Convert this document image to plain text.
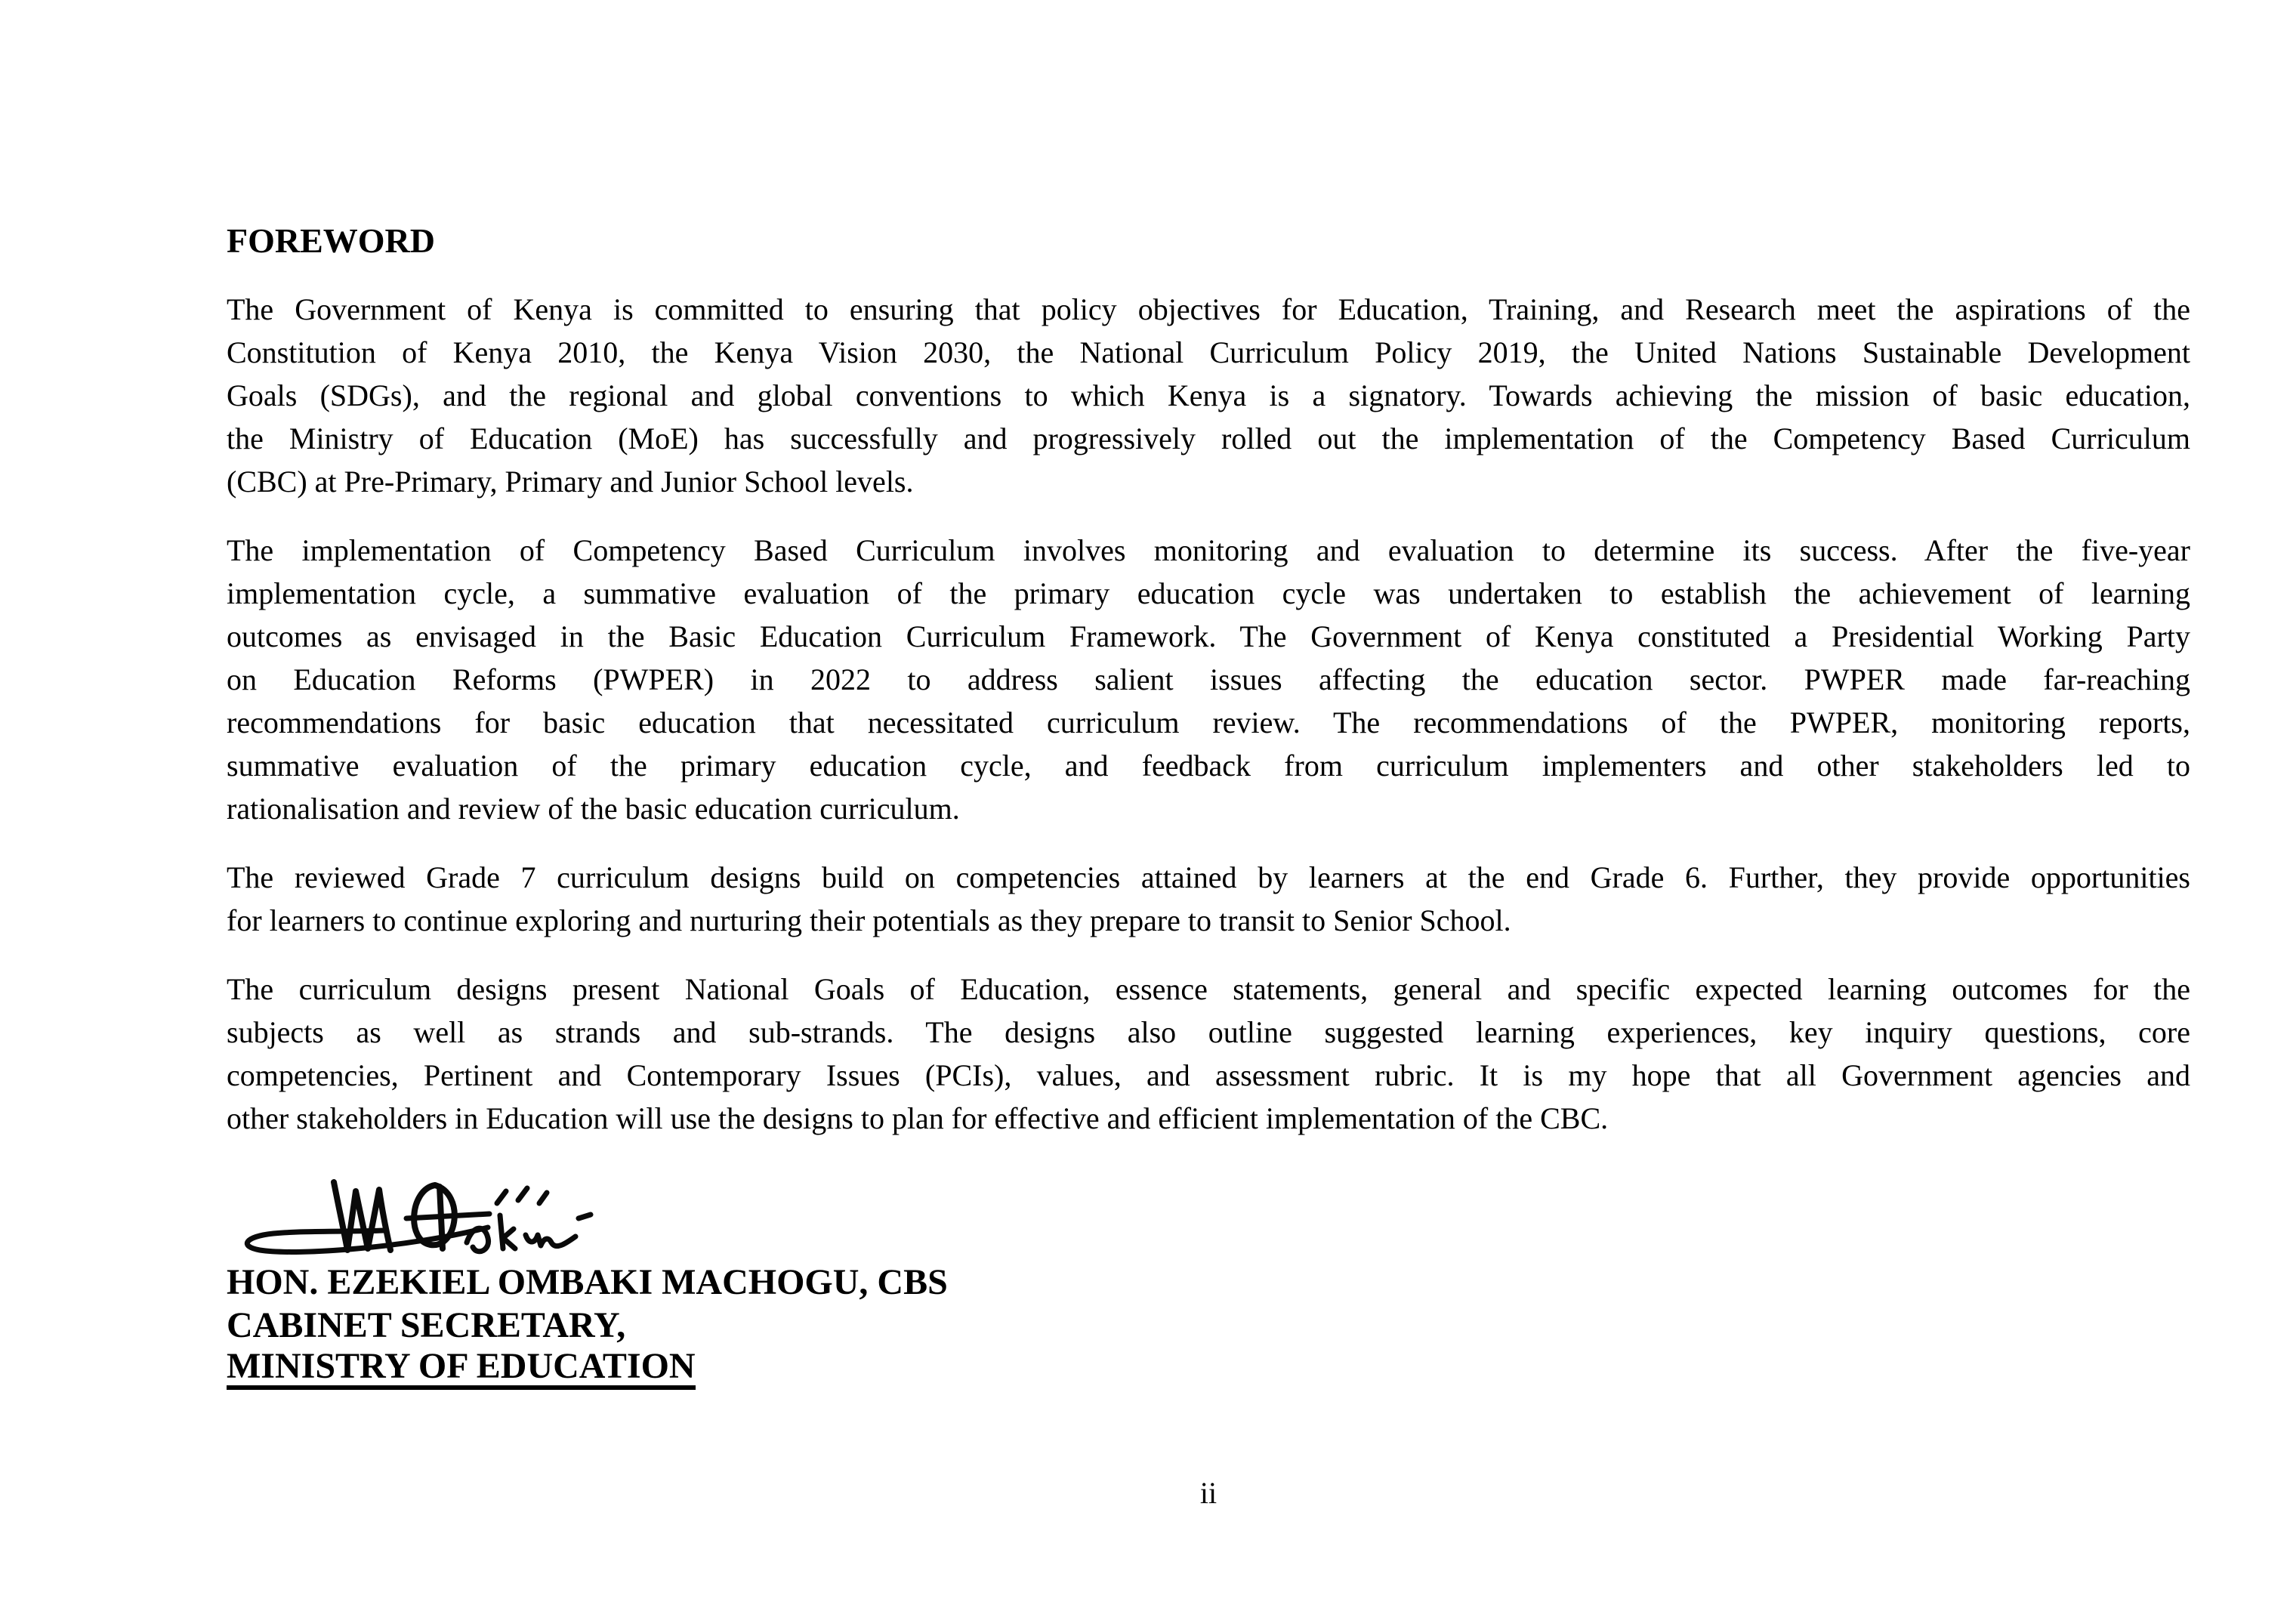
FOREWORD
The Government of Kenya is committed to ensuring that policy objectives for Education, Training, and Research meet the aspirations of the
Constitution of Kenya 2010, the Kenya Vision 2030, the National Curriculum Policy 2019, the United Nations Sustainable Development
Goals (SDGs), and the regional and global conventions to which Kenya is a signatory. Towards achieving the mission of basic education,
the Ministry of Education (MoE) has successfully and progressively rolled out the implementation of the Competency Based Curriculum
(CBC) at Pre-Primary, Primary and Junior School levels.
The implementation of Competency Based Curriculum involves monitoring and evaluation to determine its success. After the five-year
implementation cycle, a summative evaluation of the primary education cycle was undertaken to establish the achievement of learning
outcomes as envisaged in the Basic Education Curriculum Framework. The Government of Kenya constituted a Presidential Working Party
on Education Reforms (PWPER) in 2022 to address salient issues affecting the education sector. PWPER made far-reaching
recommendations for basic education that necessitated curriculum review. The recommendations of the PWPER, monitoring reports,
summative evaluation of the primary education cycle, and feedback from curriculum implementers and other stakeholders led to
rationalisation and review of the basic education curriculum.
The reviewed Grade 7 curriculum designs build on competencies attained by learners at the end Grade 6. Further, they provide opportunities
for learners to continue exploring and nurturing their potentials as they prepare to transit to Senior School.
The curriculum designs present National Goals of Education, essence statements, general and specific expected learning outcomes for the
subjects as well as strands and sub-strands. The designs also outline suggested learning experiences, key inquiry questions, core
competencies, Pertinent and Contemporary Issues (PCIs), values, and assessment rubric. It is my hope that all Government agencies and
other stakeholders in Education will use the designs to plan for effective and efficient implementation of the CBC.
HON. EZEKIEL OMBAKI MACHOGU, CBS
CABINET SECRETARY,
MINISTRY OF EDUCATION
ii
